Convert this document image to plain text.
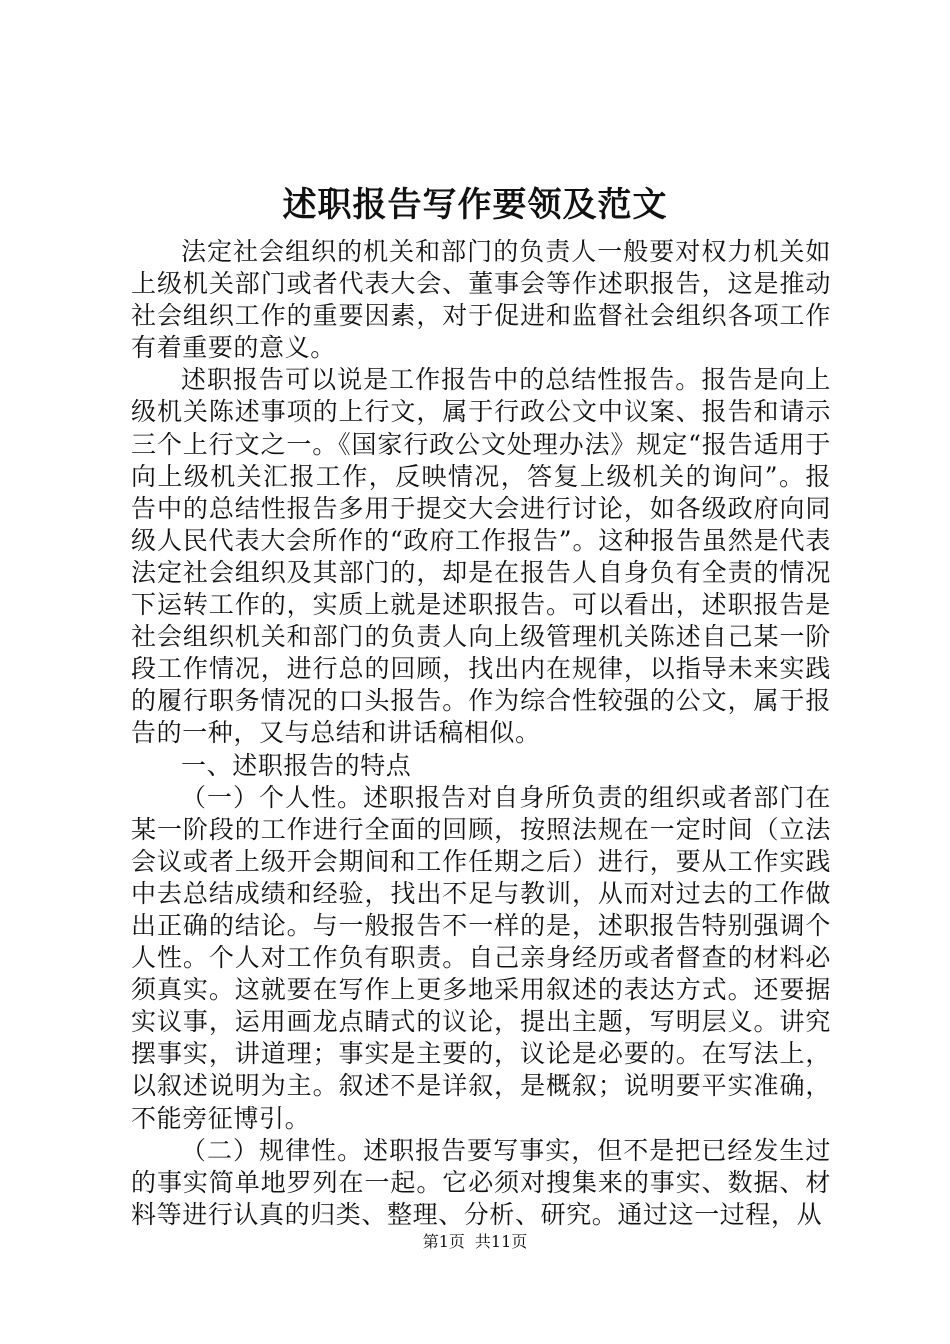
述职报告写作要领及范文

法定社会组织的机关和部门的负责人一般要对权力机关如上级机关部门或者代表大会、董事会等作述职报告，这是推动社会组织工作的重要因素，对于促进和监督社会组织各项工作有着重要的意义。

述职报告可以说是工作报告中的总结性报告。报告是向上级机关陈述事项的上行文，属于行政公文中议案、报告和请示三个上行文之一。《国家行政公文处理办法》规定“报告适用于向上级机关汇报工作，反映情况，答复上级机关的询问”。报告中的总结性报告多用于提交大会进行讨论，如各级政府向同级人民代表大会所作的“政府工作报告”。这种报告虽然是代表法定社会组织及其部门的，却是在报告人自身负有全责的情况下运转工作的，实质上就是述职报告。可以看出，述职报告是社会组织机关和部门的负责人向上级管理机关陈述自己某一阶段工作情况，进行总的回顾，找出内在规律，以指导未来实践的履行职务情况的口头报告。作为综合性较强的公文，属于报告的一种，又与总结和讲话稿相似。

一、述职报告的特点

（一）个人性。述职报告对自身所负责的组织或者部门在某一阶段的工作进行全面的回顾，按照法规在一定时间（立法会议或者上级开会期间和工作任期之后）进行，要从工作实践中去总结成绩和经验，找出不足与教训，从而对过去的工作做出正确的结论。与一般报告不一样的是，述职报告特别强调个人性。个人对工作负有职责。自己亲身经历或者督查的材料必须真实。这就要在写作上更多地采用叙述的表达方式。还要据实议事，运用画龙点睛式的议论，提出主题，写明层义。讲究摆事实，讲道理；事实是主要的，议论是必要的。在写法上，以叙述说明为主。叙述不是详叙，是概叙；说明要平实准确，不能旁征博引。

（二）规律性。述职报告要写事实，但不是把已经发生过的事实简单地罗列在一起。它必须对搜集来的事实、数据、材料等进行认真的归类、整理、分析、研究。通过这一过程，从

第1页 共11页
